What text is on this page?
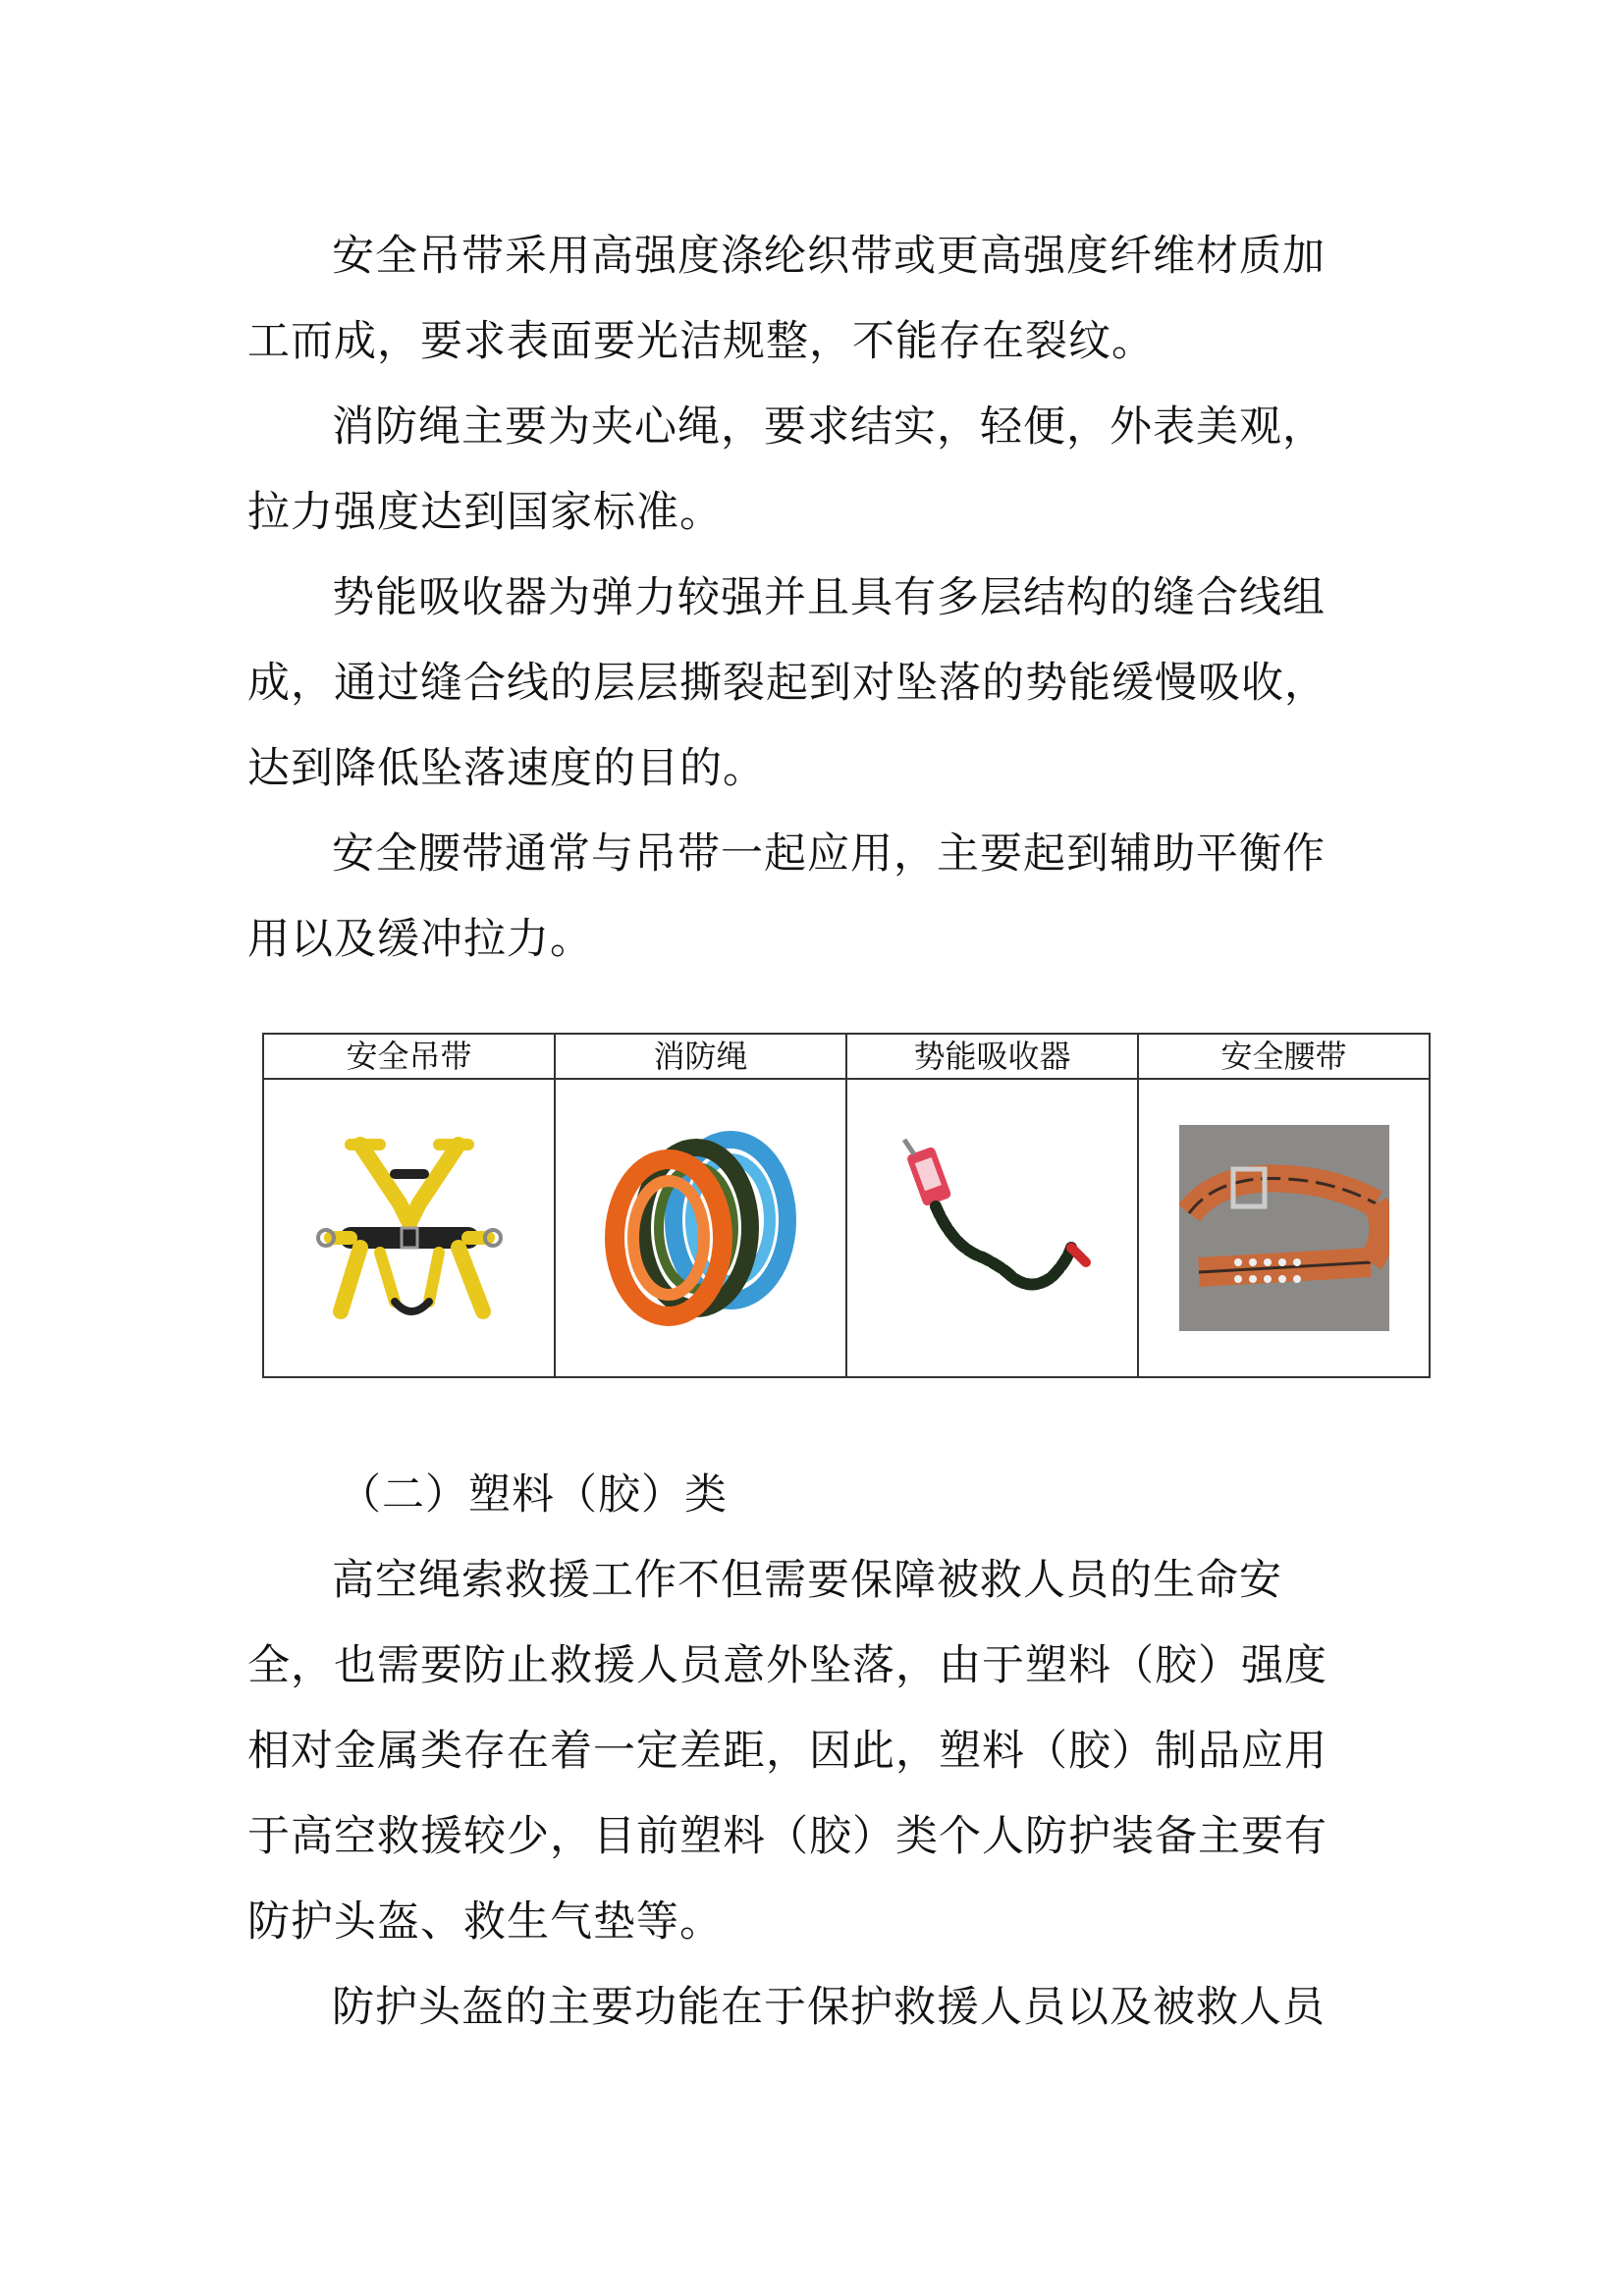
安全吊带采用高强度涤纶织带或更高强度纤维材质加
工而成，要求表面要光洁规整，不能存在裂纹。
消防绳主要为夹心绳，要求结实，轻便，外表美观，
拉力强度达到国家标准。
势能吸收器为弹力较强并且具有多层结构的缝合线组
成，通过缝合线的层层撕裂起到对坠落的势能缓慢吸收，
达到降低坠落速度的目的。
安全腰带通常与吊带一起应用，主要起到辅助平衡作
用以及缓冲拉力。
安全吊带	消防绳	势能吸收器	安全腰带

（二）塑料（胶）类
高空绳索救援工作不但需要保障被救人员的生命安
全，也需要防止救援人员意外坠落，由于塑料（胶）强度
相对金属类存在着一定差距，因此，塑料（胶）制品应用
于高空救援较少，目前塑料（胶）类个人防护装备主要有
防护头盔、救生气垫等。
防护头盔的主要功能在于保护救援人员以及被救人员
